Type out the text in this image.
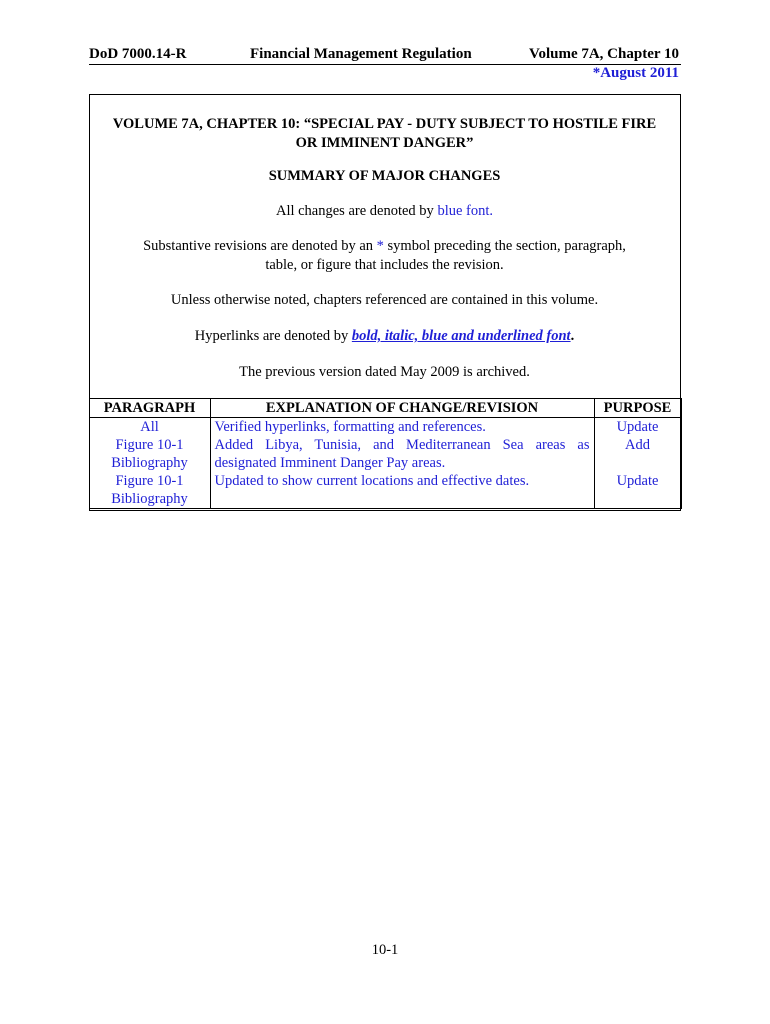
DoD 7000.14-R	Financial Management Regulation	Volume 7A, Chapter 10
*August 2011
VOLUME 7A, CHAPTER 10: “SPECIAL PAY - DUTY SUBJECT TO HOSTILE FIRE
OR IMMINENT DANGER”
SUMMARY OF MAJOR CHANGES
All changes are denoted by blue font.
Substantive revisions are denoted by an * symbol preceding the section, paragraph,
table, or figure that includes the revision.
Unless otherwise noted, chapters referenced are contained in this volume.
Hyperlinks are denoted by bold, italic, blue and underlined font.
The previous version dated May 2009 is archived.
PARAGRAPH	EXPLANATION OF CHANGE/REVISION	PURPOSE
All	Verified hyperlinks, formatting and references.	Update

Figure 10-1
Bibliography	Added Libya, Tunisia, and Mediterranean Sea areas as designated Imminent Danger Pay areas.	Add

Figure 10-1
Bibliography	Updated to show current locations and effective dates.	Update
10-1
